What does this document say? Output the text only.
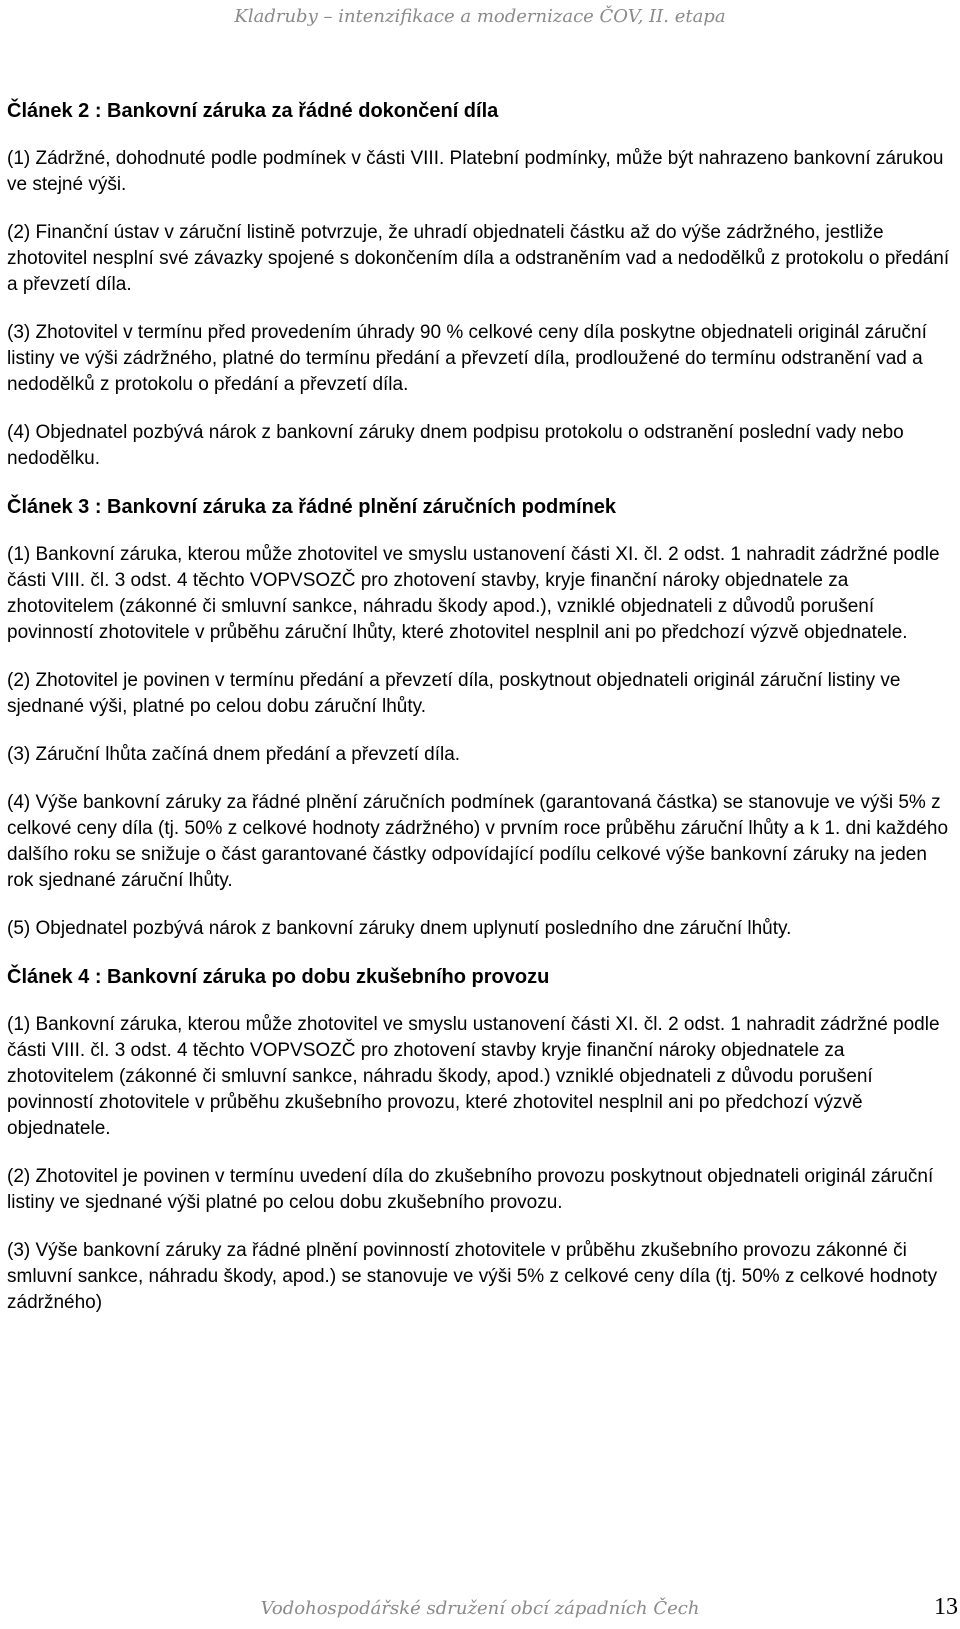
Kladruby – intenzifikace a modernizace ČOV, II. etapa
Článek 2 : Bankovní záruka za řádné dokončení díla

(1) Zádržné, dohodnuté podle podmínek v části VIII. Platební podmínky, může být nahrazeno bankovní zárukou ve stejné výši.

(2) Finanční ústav v záruční listině potvrzuje, že uhradí objednateli částku až do výše zádržného, jestliže zhotovitel nesplní své závazky spojené s dokončením díla a odstraněním vad a nedodělků z protokolu o předání a převzetí díla.

(3) Zhotovitel v termínu před provedením úhrady 90 % celkové ceny díla poskytne objednateli originál záruční listiny ve výši zádržného, platné do termínu předání a převzetí díla, prodloužené do termínu odstranění vad a nedodělků z protokolu o předání a převzetí díla.

(4) Objednatel pozbývá nárok z bankovní záruky dnem podpisu protokolu o odstranění poslední vady nebo nedodělku.

Článek 3 : Bankovní záruka za řádné plnění záručních podmínek

(1) Bankovní záruka, kterou může zhotovitel ve smyslu ustanovení části XI. čl. 2 odst. 1 nahradit zádržné podle části VIII. čl. 3 odst. 4 těchto VOPVSOZČ pro zhotovení stavby, kryje finanční nároky objednatele za zhotovitelem (zákonné či smluvní sankce, náhradu škody apod.), vzniklé objednateli z důvodů porušení povinností zhotovitele v průběhu záruční lhůty, které zhotovitel nesplnil ani po předchozí výzvě objednatele.

(2) Zhotovitel je povinen v termínu předání a převzetí díla, poskytnout objednateli originál záruční listiny ve sjednané výši, platné po celou dobu záruční lhůty.

(3) Záruční lhůta začíná dnem předání a převzetí díla.

(4) Výše bankovní záruky za řádné plnění záručních podmínek (garantovaná částka) se stanovuje ve výši 5% z celkové ceny díla (tj. 50% z celkové hodnoty zádržného) v prvním roce průběhu záruční lhůty a k 1. dni každého dalšího roku se snižuje o část garantované částky odpovídající podílu celkové výše bankovní záruky na jeden rok sjednané záruční lhůty.

(5) Objednatel pozbývá nárok z bankovní záruky dnem uplynutí posledního dne záruční lhůty.

Článek 4 : Bankovní záruka po dobu zkušebního provozu

(1) Bankovní záruka, kterou může zhotovitel ve smyslu ustanovení části XI. čl. 2 odst. 1 nahradit zádržné podle části VIII. čl. 3 odst. 4 těchto VOPVSOZČ pro zhotovení stavby kryje finanční nároky objednatele za zhotovitelem (zákonné či smluvní sankce, náhradu škody, apod.) vzniklé objednateli z důvodu porušení povinností zhotovitele v průběhu zkušebního provozu, které zhotovitel nesplnil ani po předchozí výzvě objednatele.

(2) Zhotovitel je povinen v termínu uvedení díla do zkušebního provozu poskytnout objednateli originál záruční listiny ve sjednané výši platné po celou dobu zkušebního provozu.

(3) Výše bankovní záruky za řádné plnění povinností zhotovitele v průběhu zkušebního provozu zákonné či smluvní sankce, náhradu škody, apod.) se stanovuje ve výši 5% z celkové ceny díla (tj. 50% z celkové hodnoty zádržného)

Vodohospodářské sdružení obcí západních Čech	13
